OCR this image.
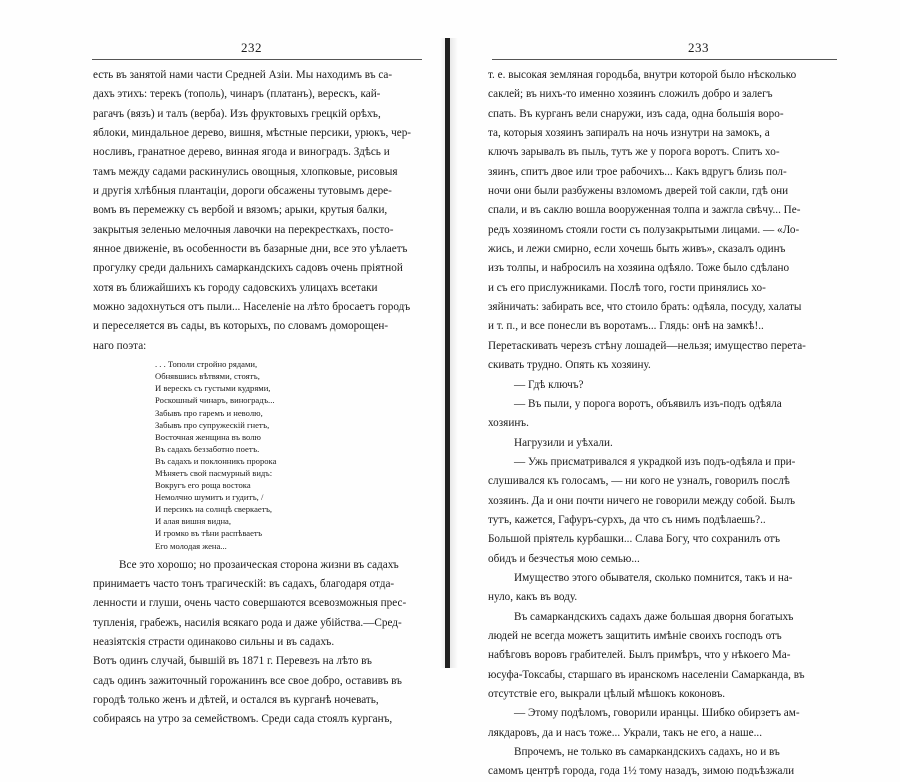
232
есть въ занятой нами части Средней Азіи. Мы находимъ въ са-
дахъ этихъ: терекъ (тополь), чинаръ (платанъ), верескъ, кай-
рагачъ (вязъ) и талъ (верба). Изъ фруктовыхъ грецкій орѣхъ,
яблоки, миндальное дерево, вишня, мѣстные персики, урюкъ, чер-
носливъ, гранатное дерево, винная ягода и виноградъ. Здѣсь и
тамъ между садами раскинулись овощныя, хлопковые, рисовыя
и другія хлѣбныя плантаціи, дороги обсажены тутовымъ дере-
вомъ въ перемежку съ вербой и вязомъ; арыки, крутыя балки,
закрытыя зеленью мелочныя лавочки на перекресткахъ, посто-
янное движеніе, въ особенности въ базарные дни, все это уѣлаетъ
прогулку среди дальнихъ самаркандскихъ садовъ очень пріятной
хотя въ ближайшихъ къ городу садовскихъ улицахъ всетаки
можно задохнуться отъ пыли... Населеніе на лѣто бросаетъ городъ
и переселяется въ сады, въ которыхъ, по словамъ доморощен-
наго поэта:
. . . Тополи стройно рядами,
Обнявшись вѣтвями, стоятъ,
И верескъ съ густыми кудрями,
Роскошный чинаръ, виноградъ...
Забывъ про гаремъ и неволю,
Забывъ про супружескій гнетъ,
Восточная женщина въ волю
Въ садахъ беззаботно поетъ.
Въ садахъ и поклонникъ пророка
Мѣняетъ свой пасмурный видъ:
Вокругъ его роща востока
Немолчно шумитъ и гудитъ, /
И персикъ на солнцѣ сверкаетъ,
И алая вишня видна,
И громко въ тѣни распѣваетъ
Его молодая жена...
Все это хорошо; но прозаическая сторона жизни въ садахъ
принимаетъ часто тонъ трагическій: въ садахъ, благодаря отда-
ленности и глуши, очень часто совершаются всевозможныя прес-
тупленія, грабежъ, насилія всякаго рода и даже убійства.—Сред-
неазіятскія страсти одинаково сильны и въ садахъ.
Вотъ одинъ случай, бывшій въ 1871 г. Перевезъ на лѣто въ
садъ одинъ зажиточный горожанинъ все свое добро, оставивъ въ
городѣ только женъ и дѣтей, и остался въ курганѣ ночевать,
собираясь на утро за семействомъ. Среди сада стоялъ курганъ,
233
т. е. высокая земляная городьба, внутри которой было нѣсколько
саклей; въ нихъ-то именно хозяинъ сложилъ добро и залегъ
спать. Въ курганъ вели снаружи, изъ сада, одна большія воро-
та, которыя хозяинъ запиралъ на ночь изнутри на замокъ, а
ключъ зарывалъ въ пыль, тутъ же у порога воротъ. Спитъ хо-
зяинъ, спитъ двое или трое рабочихъ... Какъ вдругъ близь пол-
ночи они были разбужены взломомъ дверей той сакли, гдѣ они
спали, и въ саклю вошла вооруженная толпа и зажгла свѣчу... Пе-
редъ хозяиномъ стояли гости съ полузакрытыми лицами. — «Ло-
жись, и лежи смирно, если хочешь быть живъ», сказалъ одинъ
изъ толпы, и набросилъ на хозяина одѣяло. Тоже было сдѣлано
и съ его прислужниками. Послѣ того, гости принялись хо-
зяйничать: забирать все, что стоило брать: одѣяла, посуду, халаты
и т. п., и все понесли въ воротамъ... Глядь: онѣ на замкѣ!..
Перетаскивать черезъ стѣну лошадей—нельзя; имущество перета-
скивать трудно. Опять къ хозяину.
— Гдѣ ключъ?
— Въ пыли, у порога воротъ, объявилъ изъ-подъ одѣяла
хозяинъ.
Нагрузили и уѣхали.
— Ужь присматривался я украдкой изъ подъ-одѣяла и при-
слушивался къ голосамъ, — ни кого не узналъ, говорилъ послѣ
хозяинъ. Да и они почти ничего не говорили между собой. Былъ
тутъ, кажется, Гафуръ-сурхъ, да что съ нимъ подѣлаешь?..
Большой пріятель курбашки... Слава Богу, что сохранилъ отъ
обидъ и безчестья мою семью...
Имущество этого обывателя, сколько помнится, такъ и на-
нуло, какъ въ воду.
Въ самаркандскихъ садахъ даже большая дворня богатыхъ
людей не всегда можетъ защитить имѣніе своихъ господъ отъ
набѣговъ воровъ грабителей. Былъ примѣръ, что у нѣкоего Ма-
юсуфа-Токсабы, старшаго въ иранскомъ населеніи Самарканда, въ
отсутствіе его, выкрали цѣлый мѣшокъ коконовъ.
— Этому подѣломъ, говорили иранцы. Шибко обирзетъ ам-
лякдаровъ, да и насъ тоже... Украли, такъ не его, а наше...
Впрочемъ, не только въ самаркандскихъ садахъ, но и въ
самомъ центрѣ города, года 1½ тому назадъ, зимою подъѣзжали
